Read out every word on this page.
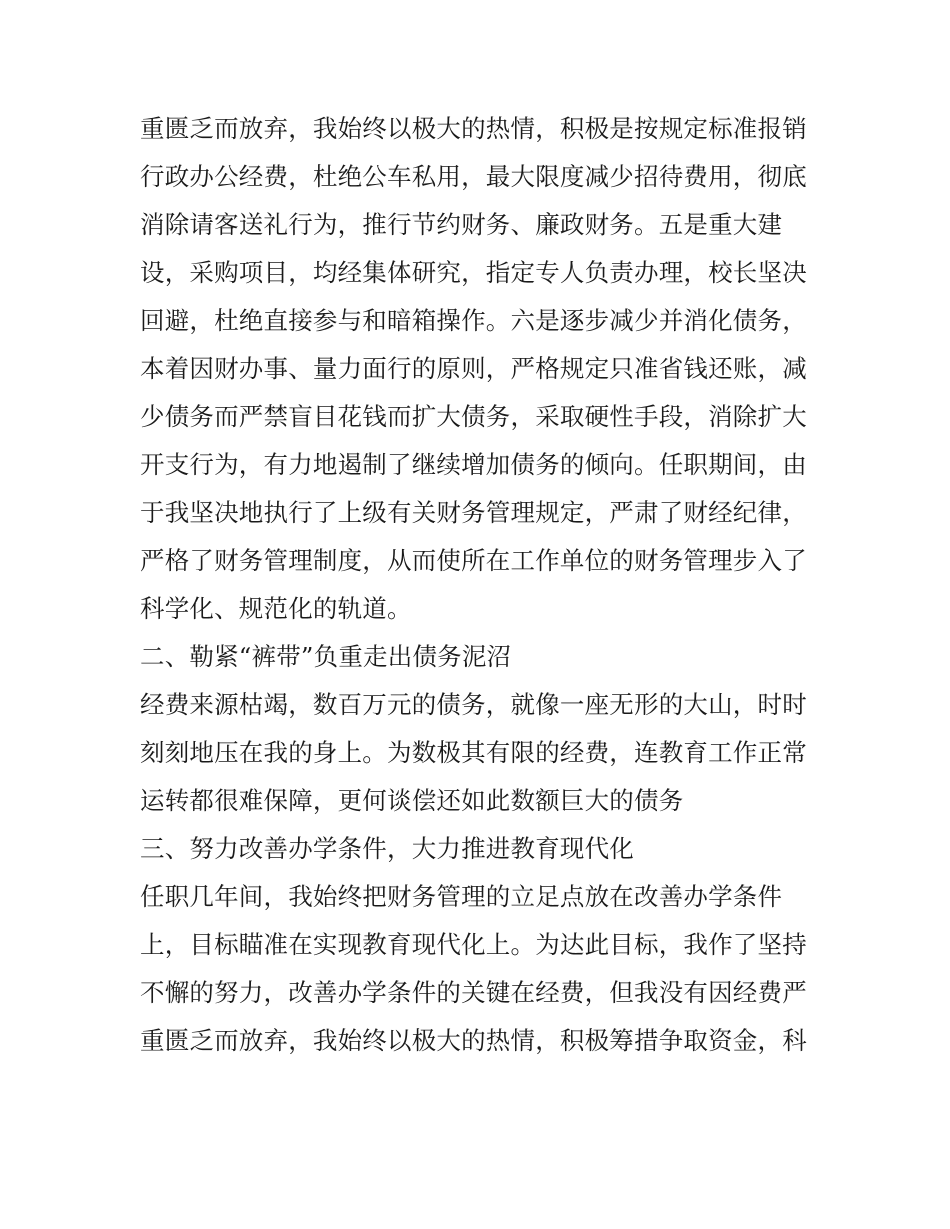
重匮乏而放弃，我始终以极大的热情，积极是按规定标准报销
行政办公经费，杜绝公车私用，最大限度减少招待费用，彻底
消除请客送礼行为，推行节约财务、廉政财务。五是重大建
设，采购项目，均经集体研究，指定专人负责办理，校长坚决
回避，杜绝直接参与和暗箱操作。六是逐步减少并消化债务，
本着因财办事、量力面行的原则，严格规定只准省钱还账，减
少债务而严禁盲目花钱而扩大债务，采取硬性手段，消除扩大
开支行为，有力地遏制了继续增加债务的倾向。任职期间，由
于我坚决地执行了上级有关财务管理规定，严肃了财经纪律，
严格了财务管理制度，从而使所在工作单位的财务管理步入了
科学化、规范化的轨道。
二、勒紧“裤带”负重走出债务泥沼
经费来源枯竭，数百万元的债务，就像一座无形的大山，时时
刻刻地压在我的身上。为数极其有限的经费，连教育工作正常
运转都很难保障，更何谈偿还如此数额巨大的债务
三、努力改善办学条件，大力推进教育现代化
任职几年间，我始终把财务管理的立足点放在改善办学条件
上，目标瞄准在实现教育现代化上。为达此目标，我作了坚持
不懈的努力，改善办学条件的关键在经费，但我没有因经费严
重匮乏而放弃，我始终以极大的热情，积极筹措争取资金，科
